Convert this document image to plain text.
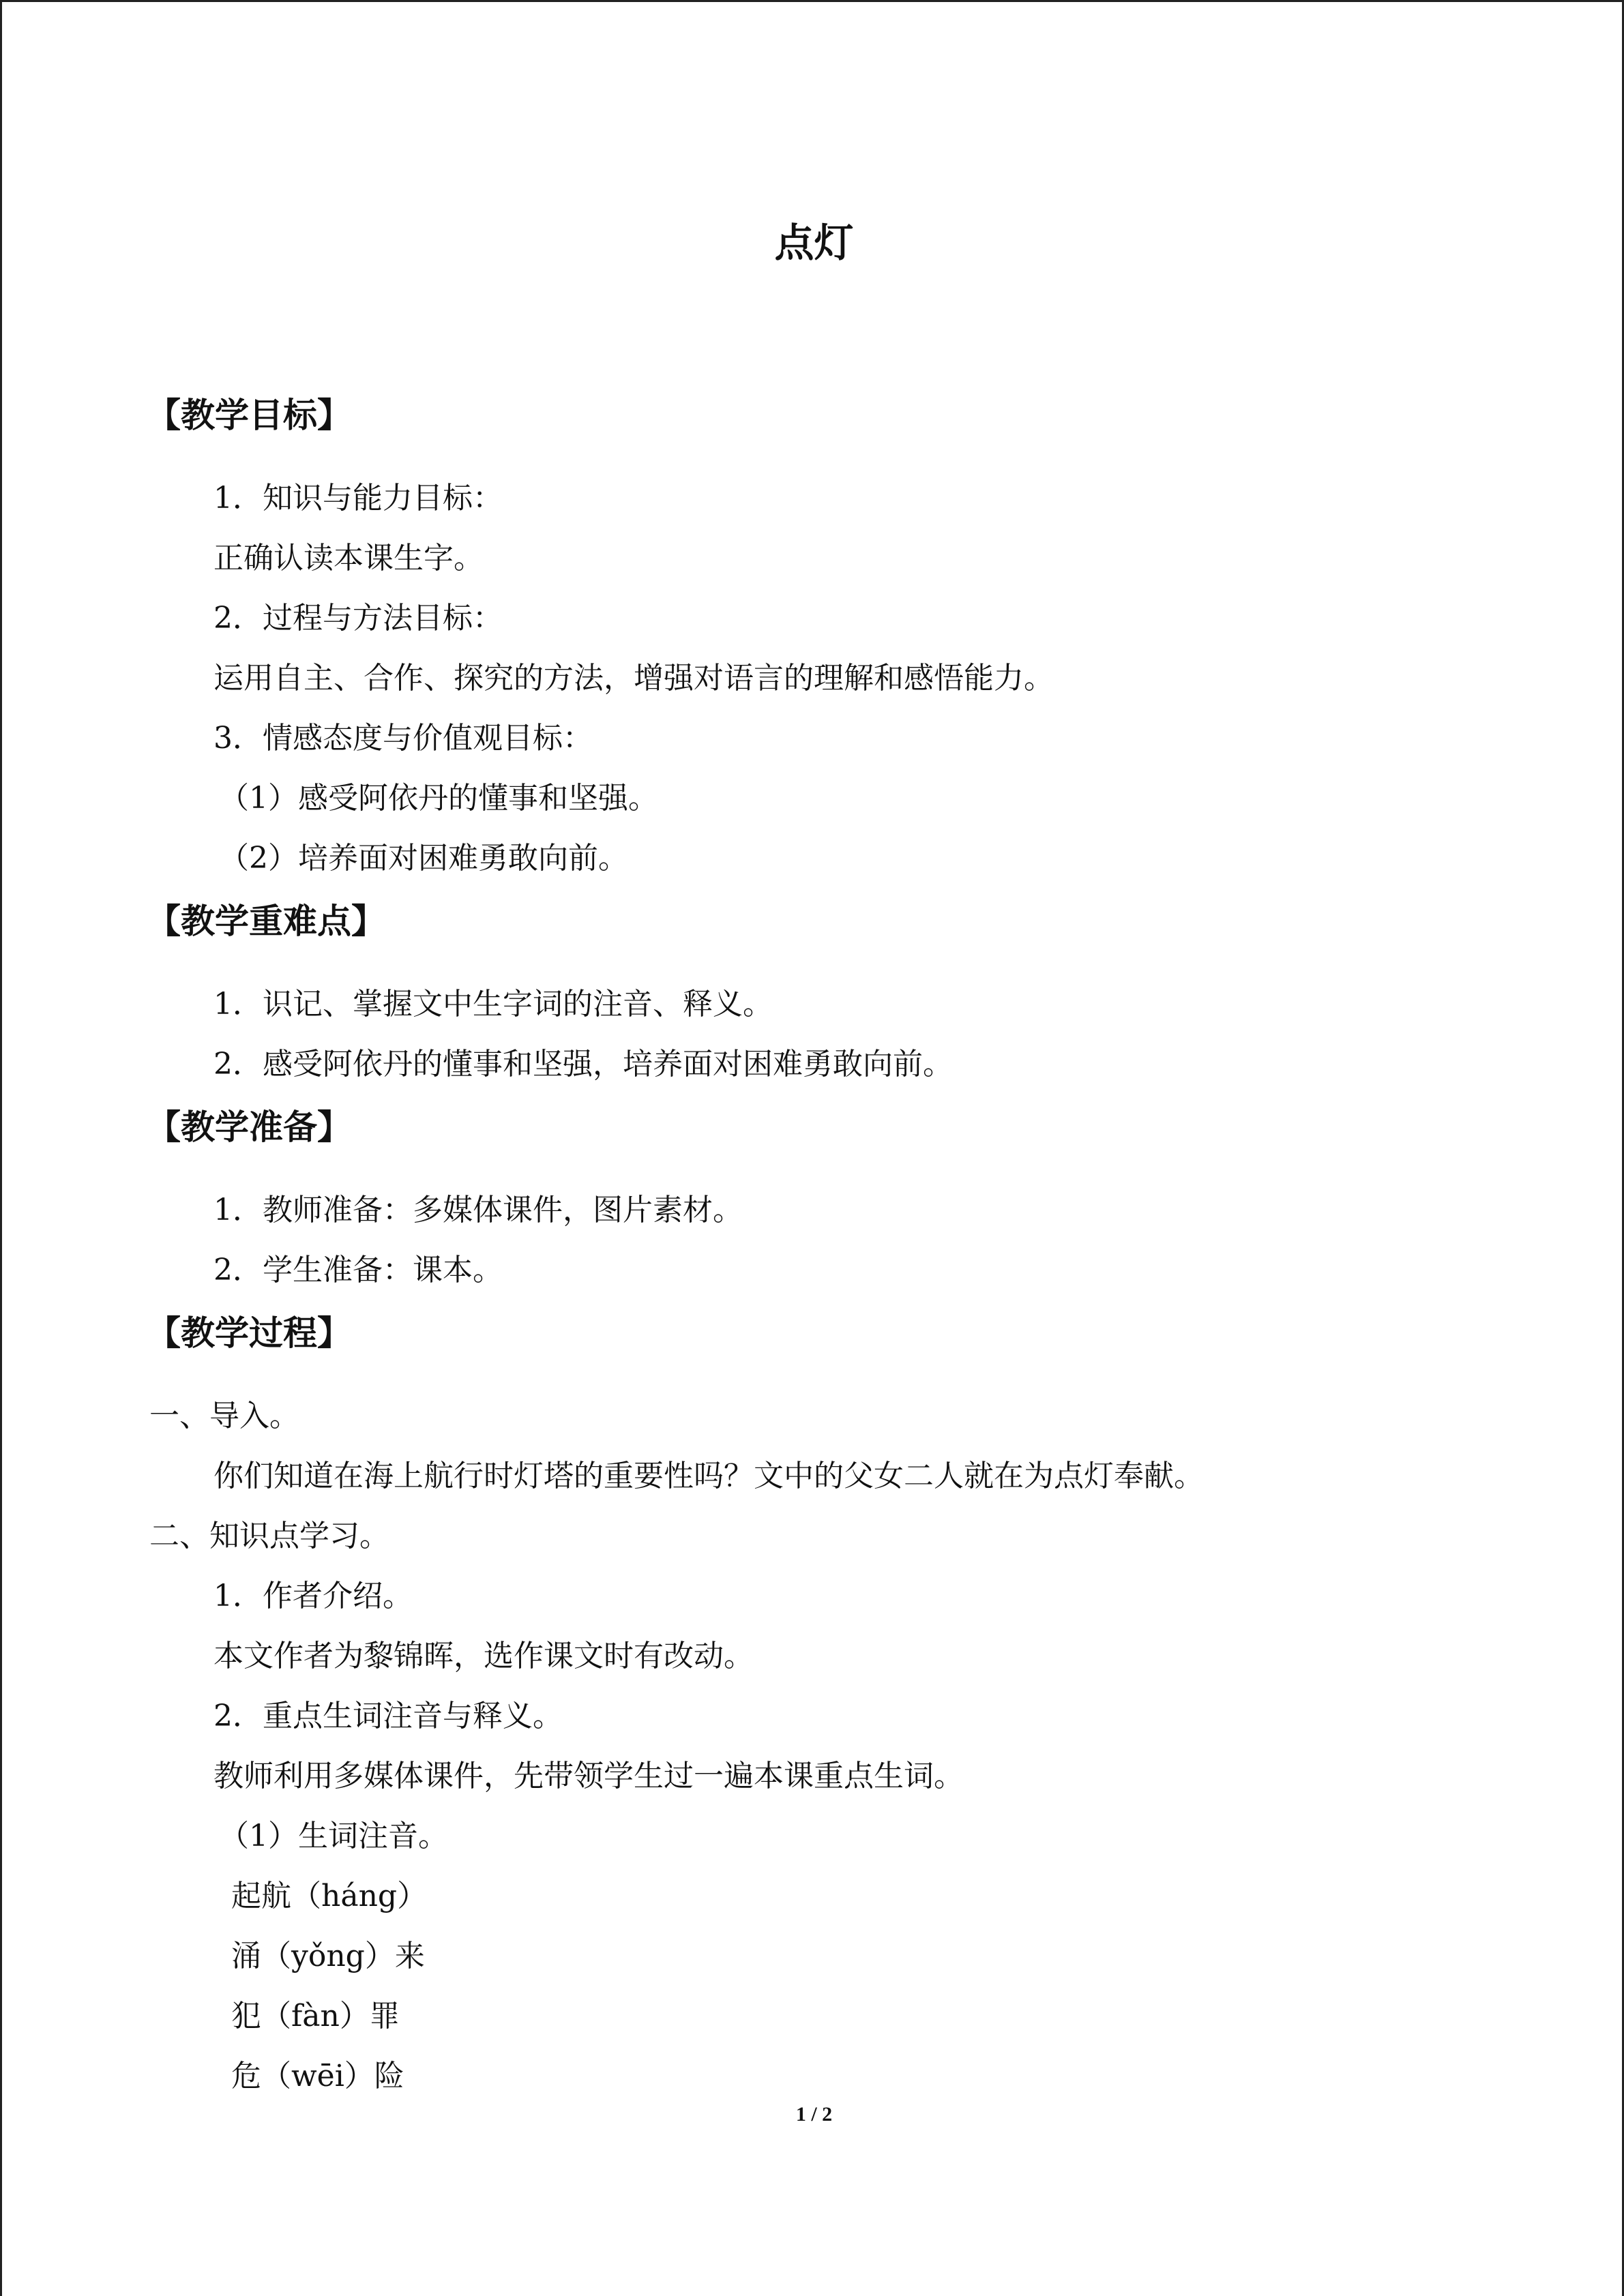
点灯
【教学目标】
1．知识与能力目标：
正确认读本课生字。
2．过程与方法目标：
运用自主、合作、探究的方法，增强对语言的理解和感悟能力。
3．情感态度与价值观目标：
（1）感受阿依丹的懂事和坚强。
（2）培养面对困难勇敢向前。
【教学重难点】
1．识记、掌握文中生字词的注音、释义。
2．感受阿依丹的懂事和坚强，培养面对困难勇敢向前。
【教学准备】
1．教师准备：多媒体课件，图片素材。
2．学生准备：课本。
【教学过程】
一、导入。
你们知道在海上航行时灯塔的重要性吗？文中的父女二人就在为点灯奉献。
二、知识点学习。
1．作者介绍。
本文作者为黎锦晖，选作课文时有改动。
2．重点生词注音与释义。
教师利用多媒体课件，先带领学生过一遍本课重点生词。
（1）生词注音。
起航（háng）
涌（yǒng）来
犯（fàn）罪
危（wēi）险
1 / 2
